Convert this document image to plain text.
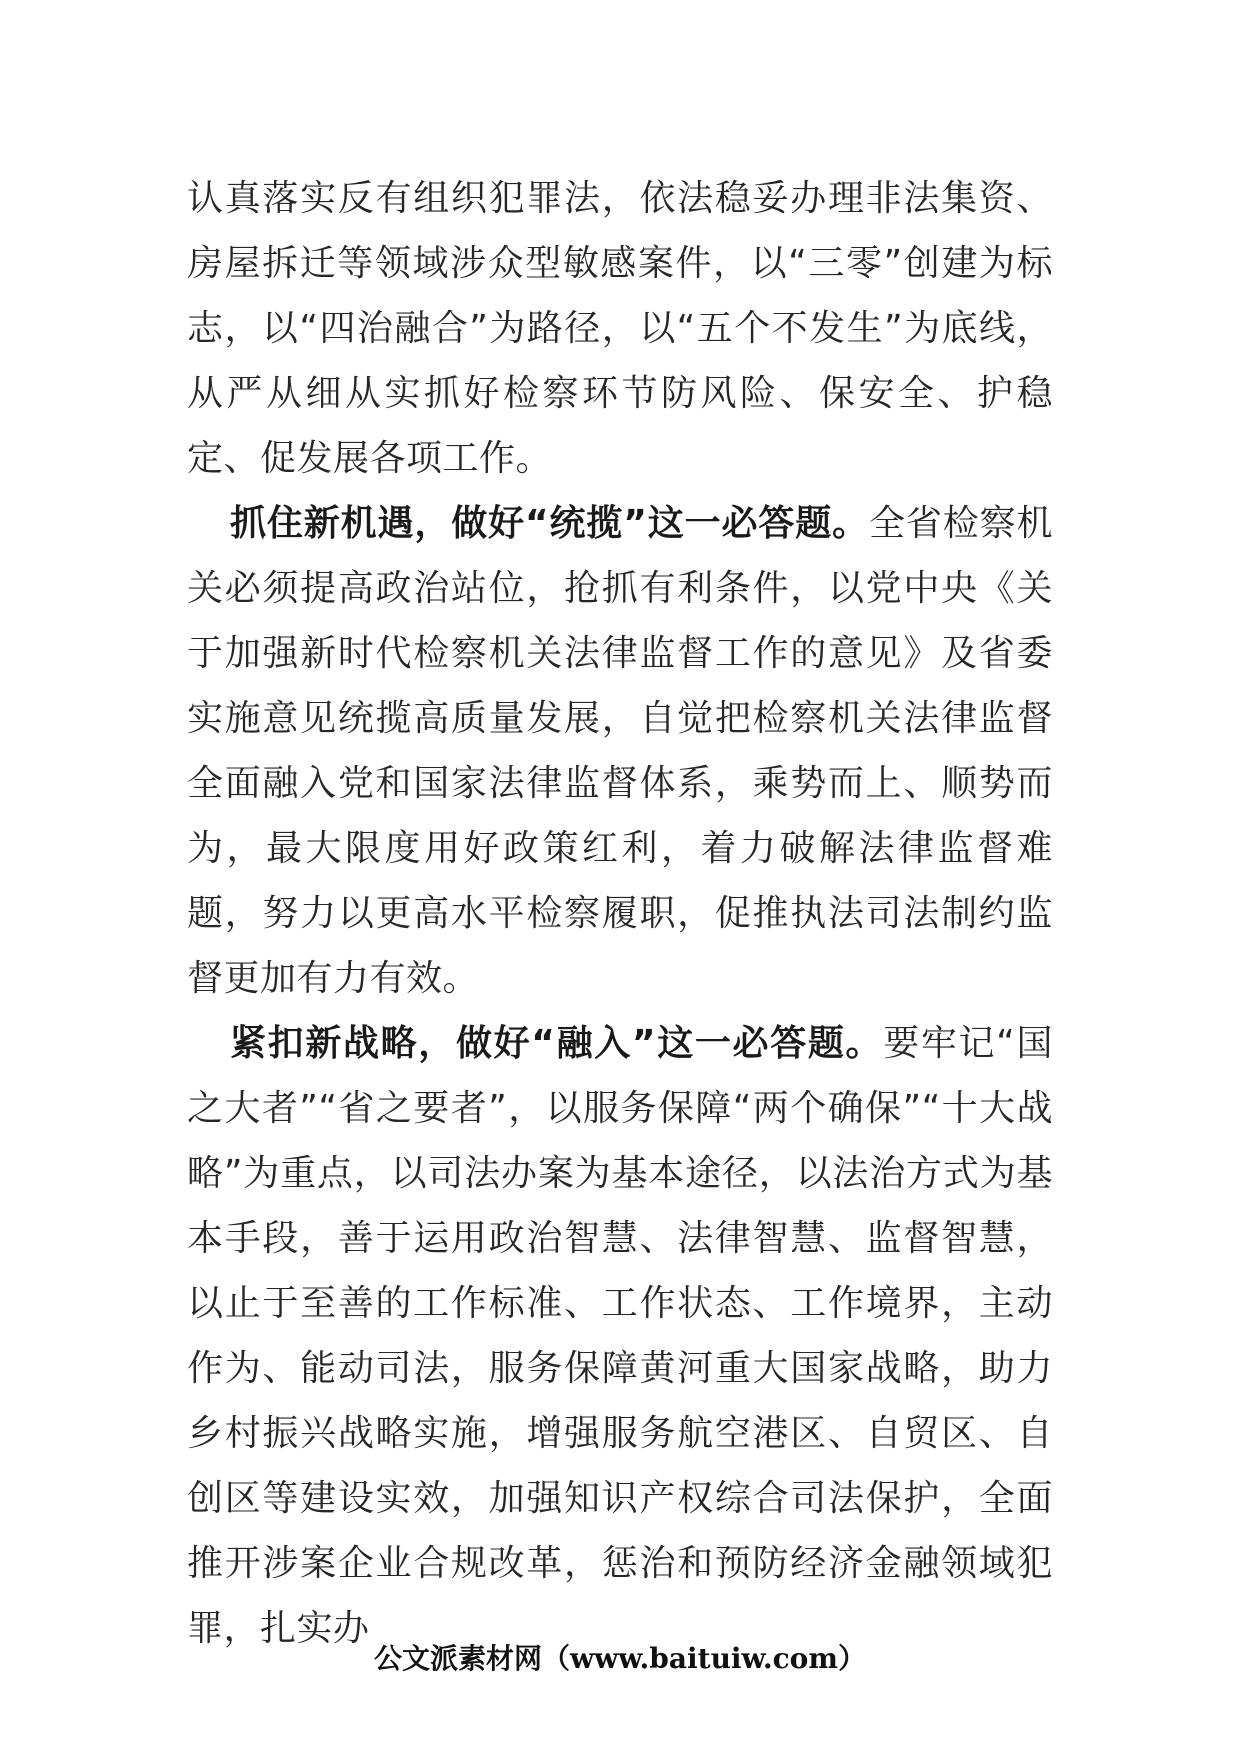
认真落实反有组织犯罪法，依法稳妥办理非法集资、房屋拆迁等领域涉众型敏感案件，以“三零”创建为标志，以“四治融合”为路径，以“五个不发生”为底线，从严从细从实抓好检察环节防风险、保安全、护稳定、促发展各项工作。

抓住新机遇，做好“统揽”这一必答题。全省检察机关必须提高政治站位，抢抓有利条件，以党中央《关于加强新时代检察机关法律监督工作的意见》及省委实施意见统揽高质量发展，自觉把检察机关法律监督全面融入党和国家法律监督体系，乘势而上、顺势而为，最大限度用好政策红利，着力破解法律监督难题，努力以更高水平检察履职，促推执法司法制约监督更加有力有效。

紧扣新战略，做好“融入”这一必答题。要牢记“国之大者”“省之要者”，以服务保障“两个确保”“十大战略”为重点，以司法办案为基本途径，以法治方式为基本手段，善于运用政治智慧、法律智慧、监督智慧，以止于至善的工作标准、工作状态、工作境界，主动作为、能动司法，服务保障黄河重大国家战略，助力乡村振兴战略实施，增强服务航空港区、自贸区、自创区等建设实效，加强知识产权综合司法保护，全面推开涉案企业合规改革，惩治和预防经济金融领域犯罪，扎实办

公文派素材网（www.baituiw.com）
